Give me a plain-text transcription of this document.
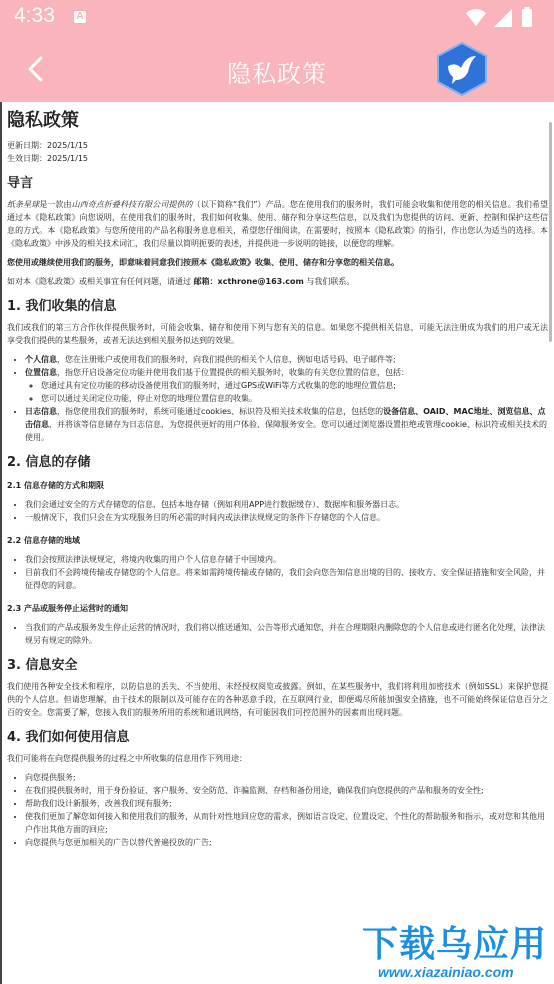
4:33 A
隐私政策
隐私政策

更新日期：2025/1/15

生效日期：2025/1/15

导言

纸条星球是一款由山西奇点折叠科技有限公司提供的（以下简称“我们”）产品。您在使用我们的服务时，我们可能会收集和使用您的相关信息。我们希望通过本《隐私政策》向您说明，在使用我们的服务时，我们如何收集、使用、储存和分享这些信息，以及我们为您提供的访问、更新、控制和保护这些信息的方式。本《隐私政策》与您所使用的产品名称服务息息相关，希望您仔细阅读，在需要时，按照本《隐私政策》的指引，作出您认为适当的选择。本《隐私政策》中涉及的相关技术词汇，我们尽量以简明扼要的表述，并提供进一步说明的链接，以便您的理解。

您使用或继续使用我们的服务，即意味着同意我们按照本《隐私政策》收集、使用、储存和分享您的相关信息。

如对本《隐私政策》或相关事宜有任何问题，请通过 邮箱：xcthrone@163.com 与我们联系。

1. 我们收集的信息

我们或我们的第三方合作伙伴提供服务时，可能会收集、储存和使用下列与您有关的信息。如果您不提供相关信息，可能无法注册成为我们的用户或无法享受我们提供的某些服务，或者无法达到相关服务拟达到的效果。

• 个人信息，您在注册账户或使用我们的服务时，向我们提供的相关个人信息，例如电话号码、电子邮件等;
• 位置信息，指您开启设备定位功能并使用我们基于位置提供的相关服务时，收集的有关您位置的信息，包括：
◦ 您通过具有定位功能的移动设备使用我们的服务时，通过GPS或WiFi等方式收集的您的地理位置信息;
◦ 您可以通过关闭定位功能，停止对您的地理位置信息的收集。
• 日志信息，指您使用我们的服务时，系统可能通过cookies、标识符及相关技术收集的信息，包括您的设备信息、OAID、MAC地址、浏览信息、点击信息，并将该等信息储存为日志信息，为您提供更好的用户体验、保障服务安全。您可以通过浏览器设置拒绝或管理cookie、标识符或相关技术的使用。
2. 信息的存储
2.1 信息存储的方式和期限
• 我们会通过安全的方式存储您的信息，包括本地存储（例如利用APP进行数据缓存）、数据库和服务器日志。
• 一般情况下，我们只会在为实现服务目的所必需的时间内或法律法规规定的条件下存储您的个人信息。
2.2 信息存储的地域
• 我们会按照法律法规规定，将境内收集的用户个人信息存储于中国境内。
• 目前我们不会跨境传输或存储您的个人信息。将来如需跨境传输或存储的，我们会向您告知信息出境的目的、接收方、安全保证措施和安全风险，并征得您的同意。
2.3 产品或服务停止运营时的通知
• 当我们的产品或服务发生停止运营的情况时，我们将以推送通知、公告等形式通知您，并在合理期限内删除您的个人信息或进行匿名化处理，法律法规另有规定的除外。
3. 信息安全

我们使用各种安全技术和程序，以防信息的丢失、不当使用、未经授权阅览或披露。例如，在某些服务中，我们将利用加密技术（例如SSL）来保护您提供的个人信息。但请您理解，由于技术的限制以及可能存在的各种恶意手段，在互联网行业，即便竭尽所能加强安全措施，也不可能始终保证信息百分之百的安全。您需要了解，您接入我们的服务所用的系统和通讯网络，有可能因我们可控范围外的因素而出现问题。

4. 我们如何使用信息

我们可能将在向您提供服务的过程之中所收集的信息用作下列用途：

• 向您提供服务;
• 在我们提供服务时，用于身份验证、客户服务、安全防范、诈骗监测、存档和备份用途，确保我们向您提供的产品和服务的安全性;
• 帮助我们设计新服务，改善我们现有服务;
• 使我们更加了解您如何接入和使用我们的服务，从而针对性地回应您的需求，例如语言设定、位置设定、个性化的帮助服务和指示，或对您和其他用户作出其他方面的回应;
• 向您提供与您更加相关的广告以替代普遍投放的广告;
下载乌应用
www.xiazainiao.com
